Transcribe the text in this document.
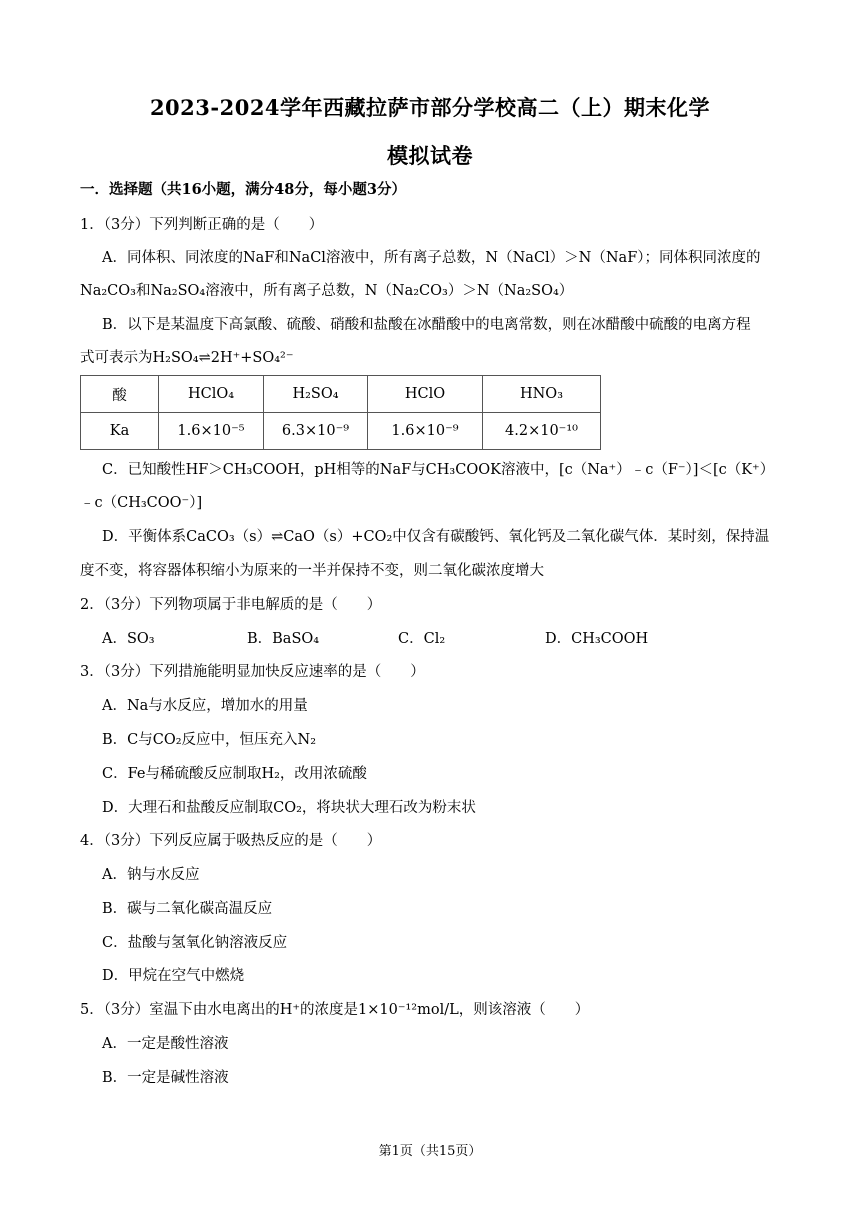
2023-2024学年西藏拉萨市部分学校高二（上）期末化学
模拟试卷
一．选择题（共16小题，满分48分，每小题3分）
1．（3分）下列判断正确的是（　　）
A．同体积、同浓度的NaF和NaCl溶液中，所有离子总数，N（NaCl）＞N（NaF）；同体积同浓度的
Na₂CO₃和Na₂SO₄溶液中，所有离子总数，N（Na₂CO₃）＞N（Na₂SO₄）
B．以下是某温度下高氯酸、硫酸、硝酸和盐酸在冰醋酸中的电离常数，则在冰醋酸中硫酸的电离方程
式可表示为H₂SO₄⇌2H⁺+SO₄²⁻
酸	HClO₄	H₂SO₄	HClO	HNO₃
Ka	1.6×10⁻⁵	6.3×10⁻⁹	1.6×10⁻⁹	4.2×10⁻¹⁰
C．已知酸性HF＞CH₃COOH，pH相等的NaF与CH₃COOK溶液中，[c（Na⁺）﹣c（F⁻）]＜[c（K⁺）
﹣c（CH₃COO⁻）]
D．平衡体系CaCO₃（s）⇌CaO（s）+CO₂中仅含有碳酸钙、氧化钙及二氧化碳气体．某时刻，保持温
度不变，将容器体积缩小为原来的一半并保持不变，则二氧化碳浓度增大
2．（3分）下列物项属于非电解质的是（　　）
A．SO₃	B．BaSO₄	C．Cl₂	D．CH₃COOH
3．（3分）下列措施能明显加快反应速率的是（　　）
A．Na与水反应，增加水的用量
B．C与CO₂反应中，恒压充入N₂
C．Fe与稀硫酸反应制取H₂，改用浓硫酸
D．大理石和盐酸反应制取CO₂，将块状大理石改为粉末状
4．（3分）下列反应属于吸热反应的是（　　）
A．钠与水反应
B．碳与二氧化碳高温反应
C．盐酸与氢氧化钠溶液反应
D．甲烷在空气中燃烧
5．（3分）室温下由水电离出的H⁺的浓度是1×10⁻¹²mol/L，则该溶液（　　）
A．一定是酸性溶液
B．一定是碱性溶液
第1页（共15页）
